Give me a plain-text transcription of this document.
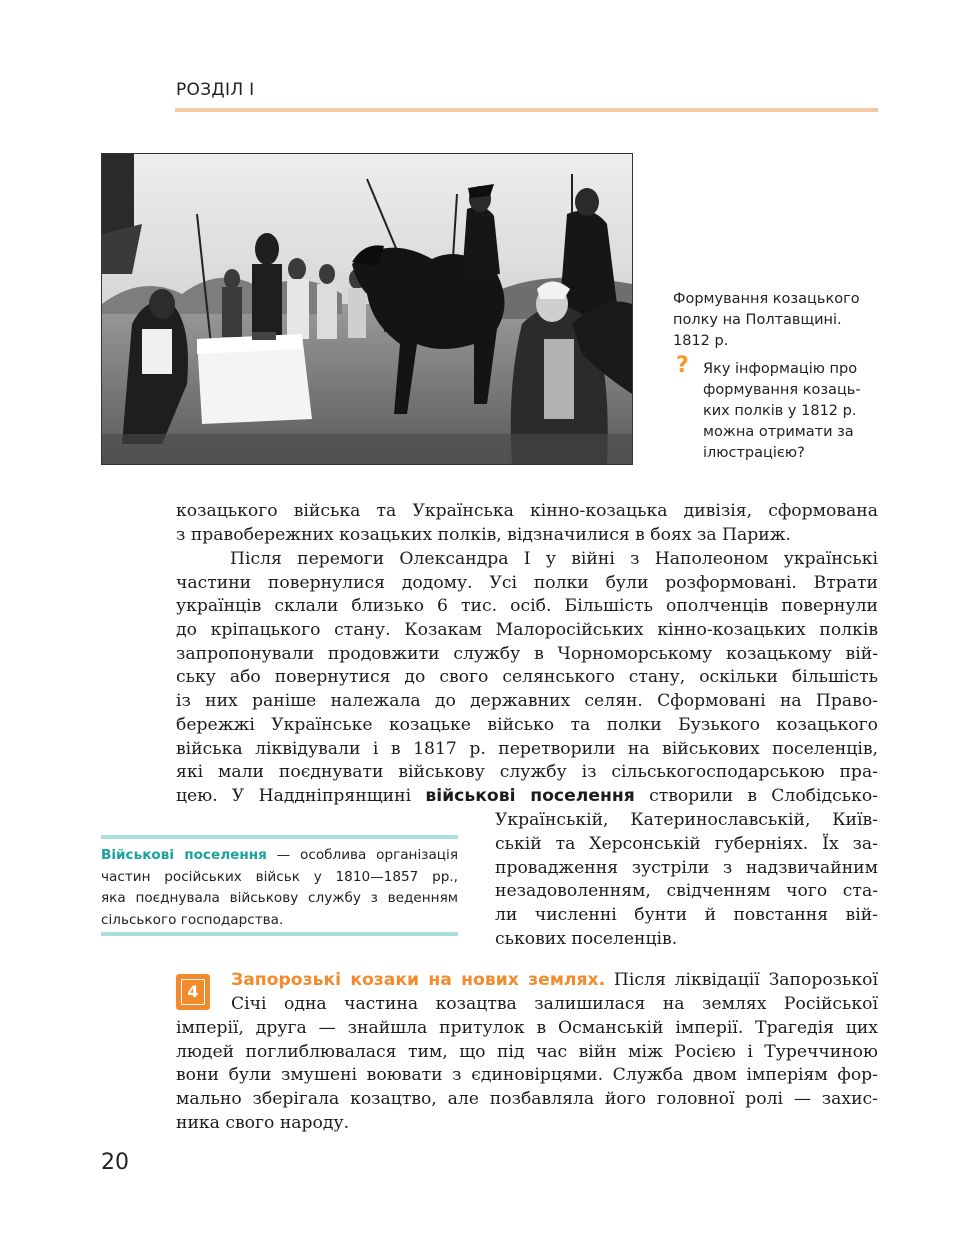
РОЗДІЛ І

Формування козацького
полку на Полтавщині.
1812 р.

? Яку інформацію про
формування козаць-
ких полків у 1812 р.
можна отримати за
ілюстрацією?
козацького війська та Українська кінно-козацька дивізія, сформована
з правобережних козацьких полків, відзначилися в боях за Париж.
Після перемоги Олександра І у війні з Наполеоном українські
частини повернулися додому. Усі полки були розформовані. Втрати
українців склали близько 6 тис. осіб. Більшість ополченців повернули
до кріпацького стану. Козакам Малоросійських кінно-козацьких полків
запропонували продовжити службу в Чорноморському козацькому вій-
ську або повернутися до свого селянського стану, оскільки більшість
із них раніше належала до державних селян. Сформовані на Право-
бережжі Українське козацьке військо та полки Бузького козацького
війська ліквідували і в 1817 р. перетворили на військових поселенців,
які мали поєднувати військову службу із сільськогосподарською пра-
цею. У Наддніпрянщині військові поселення створили в Слобідсько-
Українській, Катеринославській, Київ-
ській та Херсонській губерніях. Їх за-
провадження зустріли з надзвичайним
незадоволенням, свідченням чого ста-
ли численні бунти й повстання вій-
ськових поселенців.
Військові поселення — особлива організація
частин російських військ у 1810—1857 рр.,
яка поєднувала військову службу з веденням
сільського господарства.
4
Запорозькі козаки на нових землях. Після ліквідації Запорозької
Січі одна частина козацтва залишилася на землях Російської
імперії, друга — знайшла притулок в Османській імперії. Трагедія цих
людей поглиблювалася тим, що під час війн між Росією і Туреччиною
вони були змушені воювати з єдиновірцями. Служба двом імперіям фор-
мально зберігала козацтво, але позбавляла його головної ролі — захис-
ника свого народу.
20
